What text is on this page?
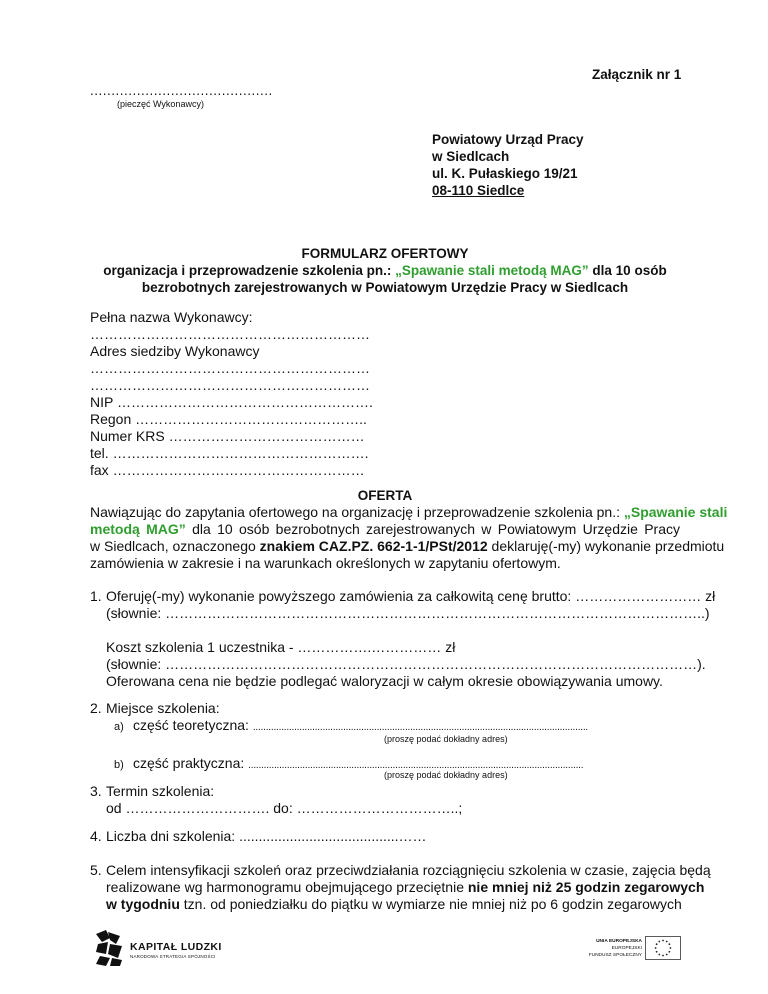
Załącznik nr 1
...........................................
(pieczęć Wykonawcy)
Powiatowy Urząd Pracy
w Siedlcach
ul. K. Pułaskiego 19/21
08-110 Siedlce
FORMULARZ OFERTOWY
organizacja i przeprowadzenie szkolenia pn.: „Spawanie stali metodą MAG” dla 10 osób
bezrobotnych zarejestrowanych w Powiatowym Urzędzie Pracy w Siedlcach
Pełna nazwa Wykonawcy:
……………………………………………………
Adres siedziby Wykonawcy
……………………………………………………
……………………………………………………
NIP ……………………………………………….
Regon …………………………………………..
Numer KRS ……………………………………
tel. ……………………………………………….
fax ………………………………………………
OFERTA
Nawiązując do zapytania ofertowego na organizację i przeprowadzenie szkolenia pn.: „Spawanie stali
metodą MAG” dla 10 osób bezrobotnych zarejestrowanych w Powiatowym Urzędzie Pracy
w Siedlcach, oznaczonego znakiem CAZ.PZ. 662-1-1/PSt/2012 deklaruję(-my) wykonanie przedmiotu
zamówienia w zakresie i na warunkach określonych w zapytaniu ofertowym.
1. Oferuję(-my) wykonanie powyższego zamówienia za całkowitą cenę brutto: ……………………… zł
(słownie: ……………………………………………………………………………………………………..)
Koszt szkolenia 1 uczestnika - …………….…………… zł
(słownie: ……………………………………………………………………………………………………).
Oferowana cena nie będzie podlegać waloryzacji w całym okresie obowiązywania umowy.
2. Miejsce szkolenia:
a) część teoretyczna: ..................................................................................................................................
(proszę podać dokładny adres)
b) część praktyczna: ..................................................................................................................................
(proszę podać dokładny adres)
3. Termin szkolenia:
od …………………………. do: ……………………………..;
4. Liczba dni szkolenia: .........................................……
5. Celem intensyfikacji szkoleń oraz przeciwdziałania rozciągnięciu szkolenia w czasie, zajęcia będą
realizowane wg harmonogramu obejmującego przeciętnie nie mniej niż 25 godzin zegarowych
w tygodniu tzn. od poniedziałku do piątku w wymiarze nie mniej niż po 6 godzin zegarowych
KAPITAŁ LUDZKI
NARODOWA STRATEGIA SPÓJNOŚCI
UNIA EUROPEJSKA
EUROPEJSKI
FUNDUSZ SPOŁECZNY
